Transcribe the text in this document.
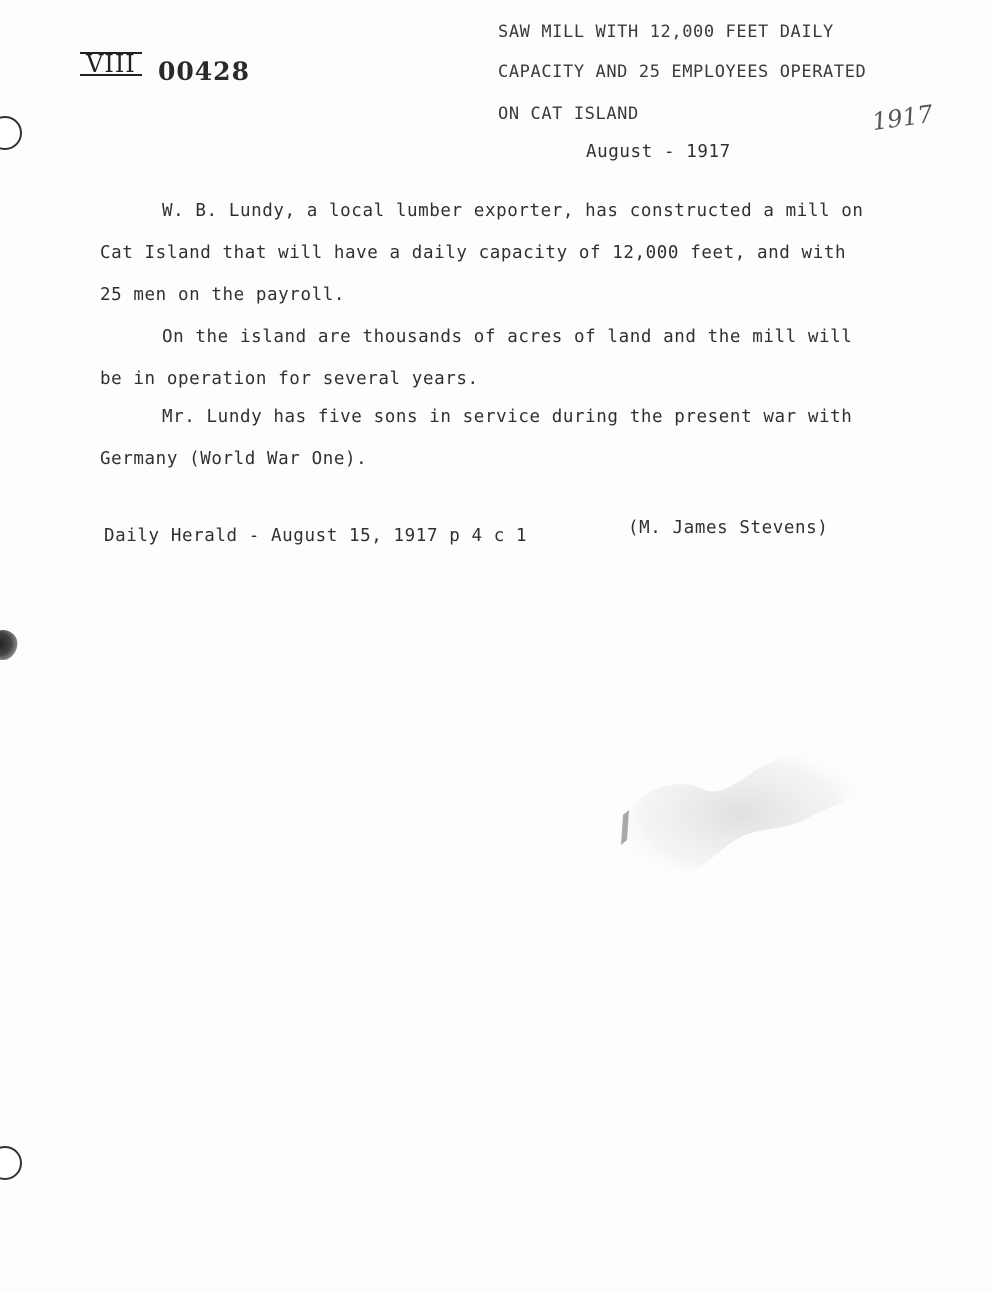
VIII 00428
1917
SAW MILL WITH 12,000 FEET DAILY
CAPACITY AND 25 EMPLOYEES OPERATED
ON CAT ISLAND
August - 1917
W. B. Lundy, a local lumber exporter, has constructed a mill on Cat Island that will have a daily capacity of 12,000 feet, and with 25 men on the payroll.
On the island are thousands of acres of land and the mill will be in operation for several years.
Mr. Lundy has five sons in service during the present war with Germany (World War One).
Daily Herald - August 15, 1917 p 4 c 1	(M. James Stevens)
